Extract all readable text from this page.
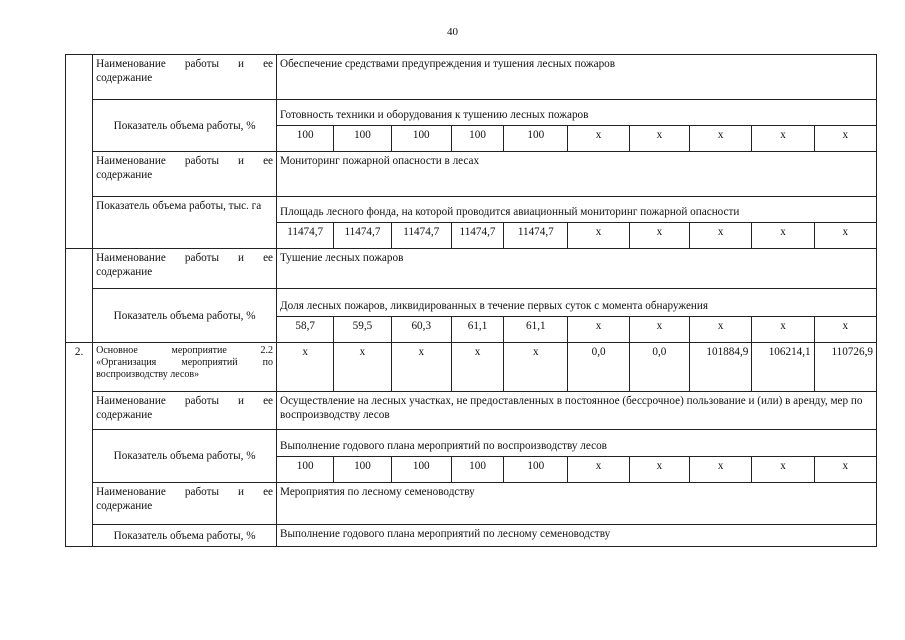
40
	Наименование работы и ее содержание	Обеспечение средствами предупреждения и тушения лесных пожаров									
	Показатель объема работы, %	Готовность техники и оборудования к тушению лесных пожаров									
		100	100	100	100	100	x	x	x	x	x
	Наименование работы и ее содержание	Мониторинг пожарной опасности в лесах									
	Показатель объема работы, тыс. га	Площадь лесного фонда, на которой проводится авиационный мониторинг пожарной опасности									
		11474,7	11474,7	11474,7	11474,7	11474,7	x	x	x	x	x
	Наименование работы и ее содержание	Тушение лесных пожаров									
	Показатель объема работы, %	Доля лесных пожаров, ликвидированных в течение первых суток с момента обнаружения									
		58,7	59,5	60,3	61,1	61,1	x	x	x	x	x
2.	Основное мероприятие 2.2 «Организация мероприятий по воспроизводству лесов»	x	x	x	x	x	0,0	0,0	101884,9	106214,1	110726,9
	Наименование работы и ее содержание	Осуществление на лесных участках, не предоставленных в постоянное (бессрочное) пользование и (или) в аренду, мер по воспроизводству лесов									
	Показатель объема работы, %	Выполнение годового плана мероприятий по воспроизводству лесов									
		100	100	100	100	100	x	x	x	x	x
	Наименование работы и ее содержание	Мероприятия по лесному семеноводству									
	Показатель объема работы, %	Выполнение годового плана мероприятий по лесному семеноводству									
